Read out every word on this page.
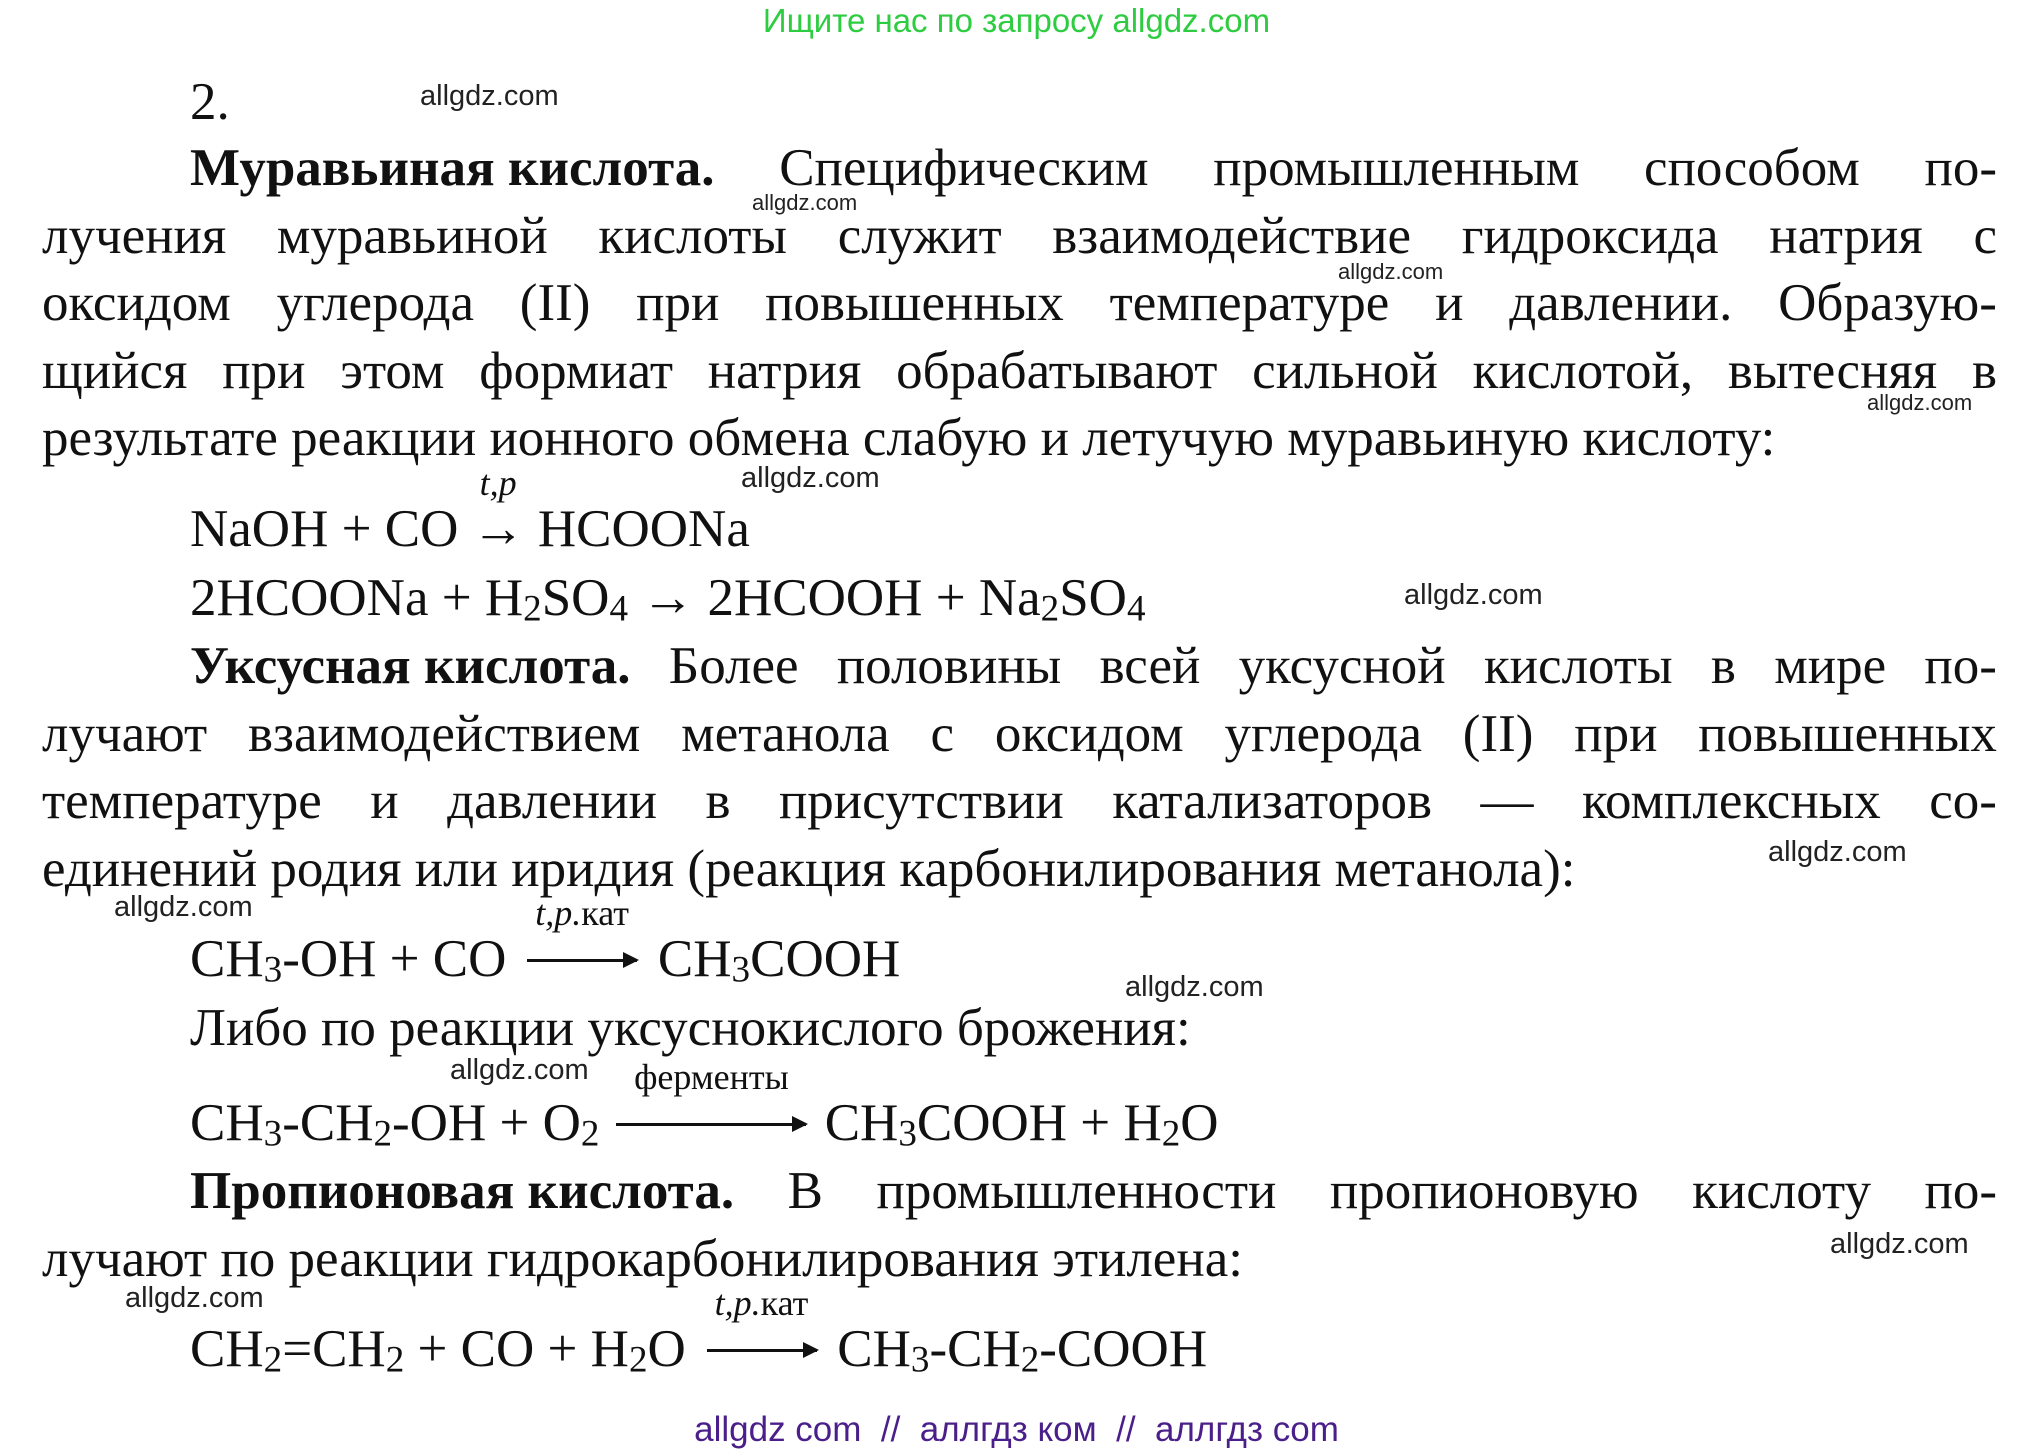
Ищите нас по запросу allgdz.com
allgdz.com
allgdz.com
allgdz.com
allgdz.com
allgdz.com
allgdz.com
allgdz.com
allgdz.com
allgdz.com
allgdz.com
allgdz.com
allgdz.com
2.
Муравьиная кислота. Специфическим промышленным способом по-
лучения муравьиной кислоты служит взаимодействие гидроксида натрия с
оксидом углерода (II) при повышенных температуре и давлении. Образую-
щийся при этом формиат натрия обрабатывают сильной кислотой, вытесняя в
результате реакции ионного обмена слабую и летучую муравьиную кислоту:
NaOH + CO
t,p
→ HCOONa
2HCOONa + $H_2SO_4$ → 2HCOOH + $Na_2SO_4$
Уксусная кислота. Более половины всей уксусной кислоты в мире по-
лучают взаимодействием метанола с оксидом углерода (II) при повышенных
температуре и давлении в присутствии катализаторов — комплексных со-
единений родия или иридия (реакция карбонилирования метанола):
$CH_3-OH$ + CO
t,p.кат
$CH_3COOH$
Либо по реакции уксуснокислого брожения:
$CH_3-CH_2-OH + O_2$
ферменты
$CH_3COOH + H_2O$
Пропионовая кислота. В промышленности пропионовую кислоту по-
лучают по реакции гидрокарбонилирования этилена:
$CH_2=CH_2$ + CO + $H_2O$
t,p.кат
$CH_3-CH_2$-COOH
allgdz com  //  аллгдз ком  //  аллгдз com
